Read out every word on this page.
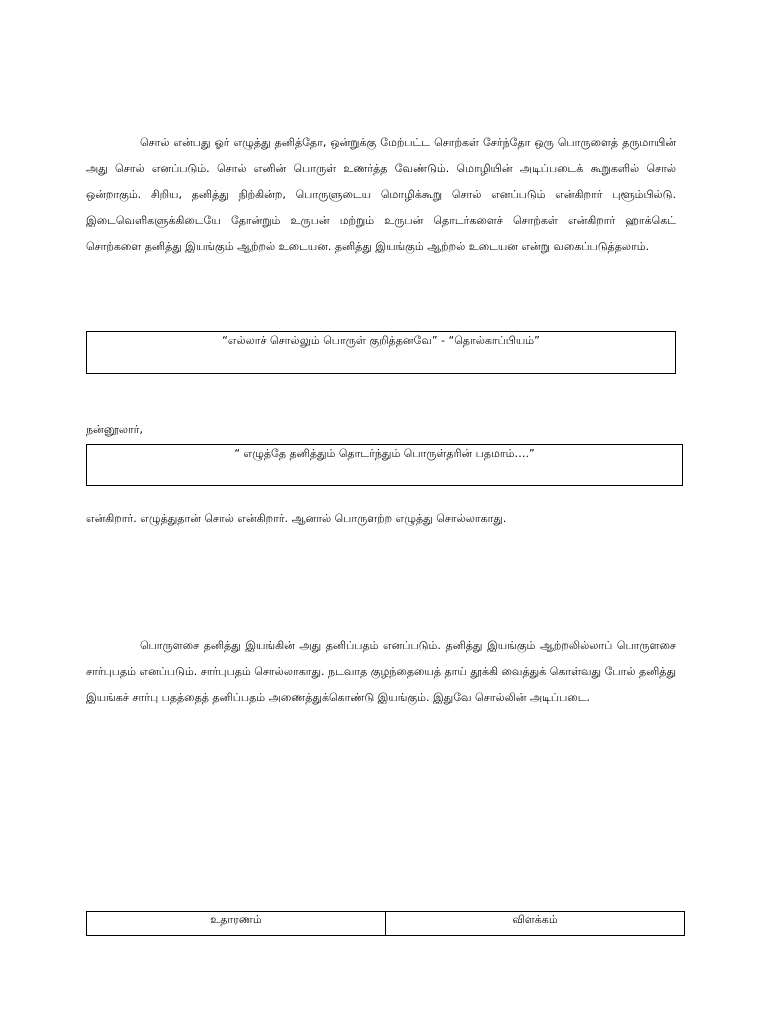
சொல் என்பது ஓர் எழுத்து தனித்தோ, ஒன்றுக்கு மேற்பட்ட சொற்கள் சேர்ந்தோ ஒரு பொருளைத் தருமாயின் அது சொல் எனப்படும். சொல் எனின் பொருள் உணர்த்த வேண்டும். மொழியின் அடிப்படைக் கூறுகளில் சொல் ஒன்றாகும். சிறிய, தனித்து நிற்கின்ற, பொருளுடைய மொழிக்கூறு சொல் எனப்படும் என்கிறார் புளூம்பில்டு. இடைவெளிகளுக்கிடையே தோன்றும் உருபன் மற்றும் உருபன் தொடர்களைச் சொற்கள் என்கிறார் ஹாக்கெட் சொற்களை தனித்து இயங்கும் ஆற்றல் உடையன. தனித்து இயங்கும் ஆற்றல் உடையன என்று வகைப்படுத்தலாம்.

“எல்லாச் சொல்லும் பொருள் குறித்தனவே” - “தொல்காப்பியம்”

நன்னூலார்,

“ எழுத்தே தனித்தும் தொடர்ந்தும் பொருள்தரின் பதமாம்….”

என்கிறார். எழுத்துதான் சொல் என்கிறார். ஆனால் பொருளற்ற எழுத்து சொல்லாகாது.

பொருளசை தனித்து இயங்கின் அது தனிப்பதம் எனப்படும். தனித்து இயங்கும் ஆற்றலில்லாப் பொருளசை சார்புபதம் எனப்படும். சார்புபதம் சொல்லாகாது. நடவாத குழந்தையைத் தாய் தூக்கி வைத்துக் கொள்வது போல் தனித்து இயங்கச் சார்பு பதத்தைத் தனிப்பதம் அணைத்துக்கொண்டு இயங்கும். இதுவே சொல்லின் அடிப்படை.

உதாரணம்	விளக்கம்
